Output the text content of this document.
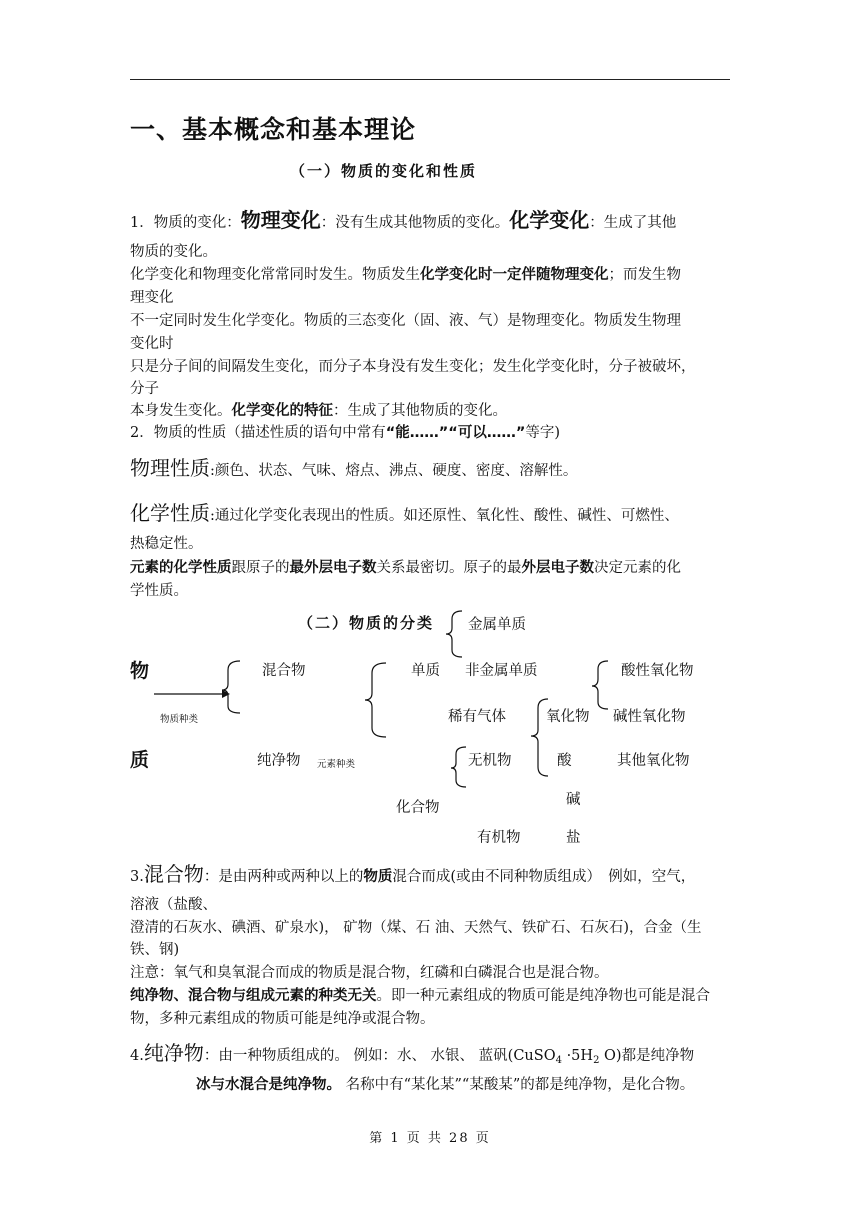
一、基本概念和基本理论
（一）物质的变化和性质
1．物质的变化：物理变化：没有生成其他物质的变化。化学变化：生成了其他
物质的变化。
化学变化和物理变化常常同时发生。物质发生化学变化时一定伴随物理变化；而发生物
理变化
不一定同时发生化学变化。物质的三态变化（固、液、气）是物理变化。物质发生物理
变化时
只是分子间的间隔发生变化，而分子本身没有发生变化；发生化学变化时，分子被破坏，
分子
本身发生变化。化学变化的特征：生成了其他物质的变化。
2．物质的性质（描述性质的语句中常有“能……”“可以……”等字)
物理性质:颜色、状态、气味、熔点、沸点、硬度、密度、溶解性。
化学性质:通过化学变化表现出的性质。如还原性、氧化性、酸性、碱性、可燃性、
热稳定性。
元素的化学性质跟原子的最外层电子数关系最密切。原子的最外层电子数决定元素的化
学性质。
（二）物质的分类
物
质
物质种类
混合物
纯净物 元素种类
单质
化合物
金属单质
非金属单质
稀有气体
无机物
有机物
氧化物
酸
碱
盐
酸性氧化物
碱性氧化物
其他氧化物
3.混合物：是由两种或两种以上的物质混合而成(或由不同种物质组成）　例如，空气，
溶液（盐酸、
澄清的石灰水、碘酒、矿泉水)， 矿物（煤、石 油、天然气、铁矿石、石灰石)，合金（生
铁、钢)
注意：氧气和臭氧混合而成的物质是混合物，红磷和白磷混合也是混合物。
纯净物、混合物与组成元素的种类无关。即一种元素组成的物质可能是纯净物也可能是混合
物，多种元素组成的物质可能是纯净或混合物。
4.纯净物：由一种物质组成的。 例如：水、 水银、 蓝矾(CuSO$_4$ $\cdot 5H_2$ O)都是纯净物
冰与水混合是纯净物。 名称中有“某化某”“某酸某”的都是纯净物，是化合物。
第 1 页 共 28 页
